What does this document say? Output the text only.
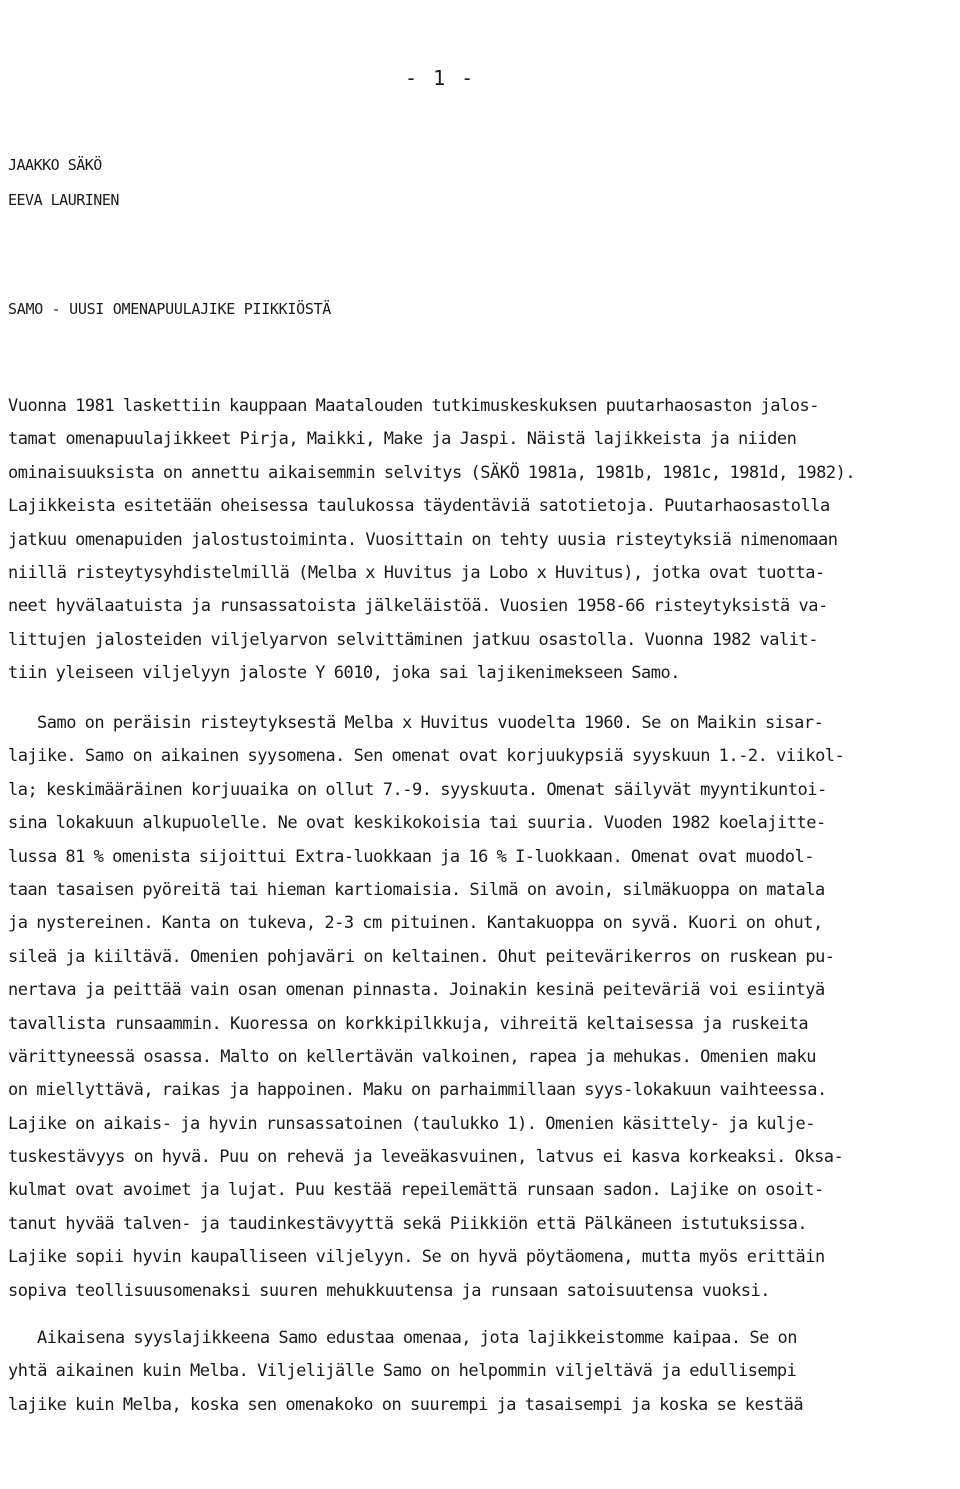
- 1 -
JAAKKO SÄKÖ
EEVA LAURINEN
SAMO - UUSI OMENAPUULAJIKE PIIKKIÖSTÄ
Vuonna 1981 laskettiin kauppaan Maatalouden tutkimuskeskuksen puutarhaosaston jalos-
tamat omenapuulajikkeet Pirja, Maikki, Make ja Jaspi. Näistä lajikkeista ja niiden
ominaisuuksista on annettu aikaisemmin selvitys (SÄKÖ 1981a, 1981b, 1981c, 1981d, 1982).
Lajikkeista esitetään oheisessa taulukossa täydentäviä satotietoja. Puutarhaosastolla
jatkuu omenapuiden jalostustoiminta. Vuosittain on tehty uusia risteytyksiä nimenomaan
niillä risteytysyhdistelmillä (Melba x Huvitus ja Lobo x Huvitus), jotka ovat tuotta-
neet hyvälaatuista ja runsassatoista jälkeläistöä. Vuosien 1958-66 risteytyksistä va-
littujen jalosteiden viljelyarvon selvittäminen jatkuu osastolla. Vuonna 1982 valit-
tiin yleiseen viljelyyn jaloste Y 6010, joka sai lajikenimekseen Samo.
Samo on peräisin risteytyksestä Melba x Huvitus vuodelta 1960. Se on Maikin sisar-
lajike. Samo on aikainen syysomena. Sen omenat ovat korjuukypsiä syyskuun 1.-2. viikol-
la; keskimääräinen korjuuaika on ollut 7.-9. syyskuuta. Omenat säilyvät myyntikuntoi-
sina lokakuun alkupuolelle. Ne ovat keskikokoisia tai suuria. Vuoden 1982 koelajitte-
lussa 81 % omenista sijoittui Extra-luokkaan ja 16 % I-luokkaan. Omenat ovat muodol-
taan tasaisen pyöreitä tai hieman kartiomaisia. Silmä on avoin, silmäkuoppa on matala
ja nystereinen. Kanta on tukeva, 2-3 cm pituinen. Kantakuoppa on syvä. Kuori on ohut,
sileä ja kiiltävä. Omenien pohjaväri on keltainen. Ohut peitevärikerros on ruskean pu-
nertava ja peittää vain osan omenan pinnasta. Joinakin kesinä peiteväriä voi esiintyä
tavallista runsaammin. Kuoressa on korkkipilkkuja, vihreitä keltaisessa ja ruskeita
värittyneessä osassa. Malto on kellertävän valkoinen, rapea ja mehukas. Omenien maku
on miellyttävä, raikas ja happoinen. Maku on parhaimmillaan syys-lokakuun vaihteessa.
Lajike on aikais- ja hyvin runsassatoinen (taulukko 1). Omenien käsittely- ja kulje-
tuskestävyys on hyvä. Puu on rehevä ja leveäkasvuinen, latvus ei kasva korkeaksi. Oksa-
kulmat ovat avoimet ja lujat. Puu kestää repeilemättä runsaan sadon. Lajike on osoit-
tanut hyvää talven- ja taudinkestävyyttä sekä Piikkiön että Pälkäneen istutuksissa.
Lajike sopii hyvin kaupalliseen viljelyyn. Se on hyvä pöytäomena, mutta myös erittäin
sopiva teollisuusomenaksi suuren mehukkuutensa ja runsaan satoisuutensa vuoksi.
Aikaisena syyslajikkeena Samo edustaa omenaa, jota lajikkeistomme kaipaa. Se on
yhtä aikainen kuin Melba. Viljelijälle Samo on helpommin viljeltävä ja edullisempi
lajike kuin Melba, koska sen omenakoko on suurempi ja tasaisempi ja koska se kestää
